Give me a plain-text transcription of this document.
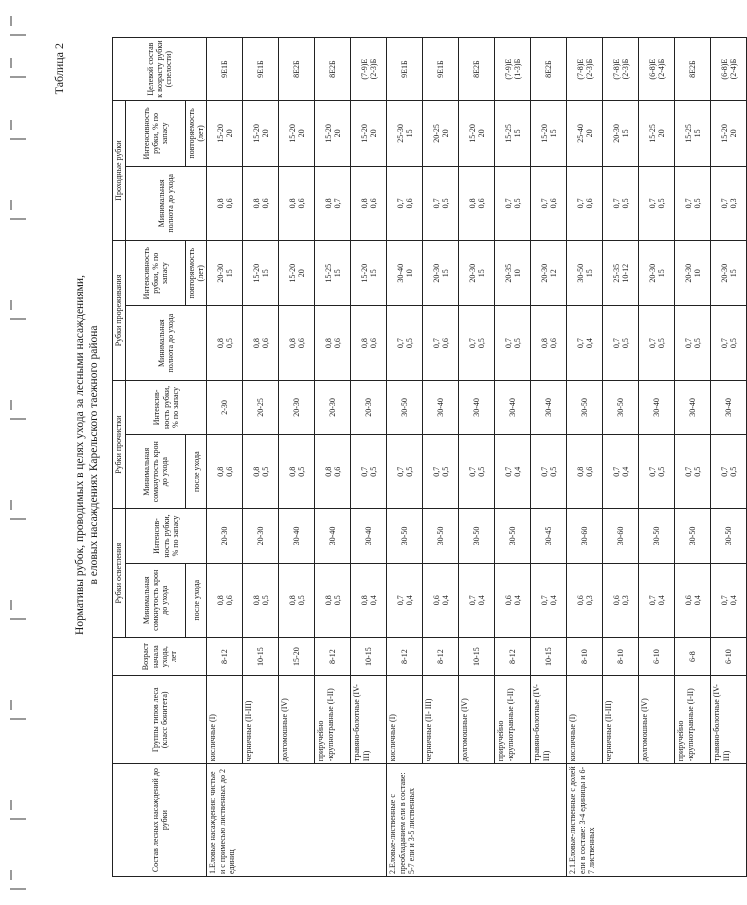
Таблица 2
Нормативы рубок, проводимых в целях ухода за лесными насаждениями, в еловых насаждениях Карельского таежного района
Состав лесных насаждений до рубки	Группы типов леса (класс бонитета)	Возраст начала ухода, лет	Рубки осветления		Рубки прочистки		Рубки прореживания		Проходные рубки		Целевой состав к возрасту рубки (спелости)
			Минимальная сомкнутость крон до ухода	Интенсивность рубки, % по запасу	Минимальная сомкнутость крон до ухода	Интенсивность рубки, % по запасу	Минимальная полнота до ухода	Интенсивность рубки, % по запасу	Минимальная полнота до ухода	Интенсивность рубки, % по запасу	
			после ухода		после ухода			повторяемость (лет)		повторяемость (лет)	
1.Еловые насаждения: чистые и с примесью лиственных до 2 единиц	кисличные (I)	8-12	0,8 0,6	20-30	0,8 0,6	2-30	0,8 0,5	20-30 15	0,8 0,6	15-20 20	9Е1Б
	черничные (II-III)	10-15	0,8 0,5	20-30	0,8 0,5	20-25	0,8 0,6	15-20 15	0,8 0,6	15-20 20	9Е1Б
	долгомошные (IV)	15-20	0,8 0,5	30-40	0,8 0,5	20-30	0,8 0,6	15-20 20	0,8 0,6	15-20 20	8Е2Б
	приручейно -крупнотравные (I-II)	8-12	0,8 0,5	30-40	0,8 0,6	20-30	0,8 0,6	15-25 15	0,8 0,7	15-20 20	8Е2Б
	травяно-болотные (IV-III)	10-15	0,8 0,4	30-40	0,7 0,5	20-30	0,8 0,6	15-20 15	0,8 0,6	15-20 20	(7-9)Е (2-3)Б

2.Еловые-лиственные с преобладанием ели в составе: 5-7 ели и 3-5 лиственных	кисличные (I)	8-12	0,7 0,4	30-50	0,7 0,5	30-50	0,7 0,5	30-40 10	0,7 0,6	25-30 15	9Е1Б
	черничные (II- III)	8-12	0,6 0,4	30-50	0,7 0,5	30-40	0,7 0,6	20-30 15	0,7 0,5	20-25 20	9Е1Б
	долгомошные (IV)	10-15	0,7 0,4	30-50	0,7 0,5	30-40	0,7 0,5	20-30 15	0,8 0,6	15-20 20	8Е2Б
	приручейно -крупнотравные (I-II)	8-12	0,6 0,4	30-50	0,7 0,4	30-40	0,7 0,5	20-35 10	0,7 0,5	15-25 15	(7-9)Е (1-3)Б

	травяно-болотные (IV-III)	10-15	0,7 0,4	30-45	0,7 0,5	30-40	0,8 0,6	20-30 12	0,7 0,6	15-20 15	8Е2Б
2.1.Еловые-лиственные с долей ели в составе: 3-4 единицы и 6-7 лиственных	кисличные (I)	8-10	0,6 0,3	30-60	0,8 0,6	30-50	0,7 0,4	30-50 15	0,7 0,6	25-40 20	(7-8)Е (2-3)Б

	черничные (II-III)	8-10	0,6 0,3	30-60	0,7 0,4	30-50	0,7 0,5	25-35 10-12	0,7 0,5	20-30 15	(7-8)Е (2-3)Б

	долгомошные (IV)	6-10	0,7 0,4	30-50	0,7 0,5	30-40	0,7 0,5	20-30 15	0,7 0,5	15-25 20	(6-8)Е (2-4)Б

	приручейно -крупнотравные (I-II)	6-8	0,6 0,4	30-50	0,7 0,5	30-40	0,7 0,5	20-30 10	0,7 0,5	15-25 15	8Е2Б
	травяно-болотные (IV-III)	6-10	0,7 0,4	30-50	0,7 0,5	30-40	0,7 0,5	20-30 15	0,7 0,3	15-20 20	(6-8)Е (2-4)Б
